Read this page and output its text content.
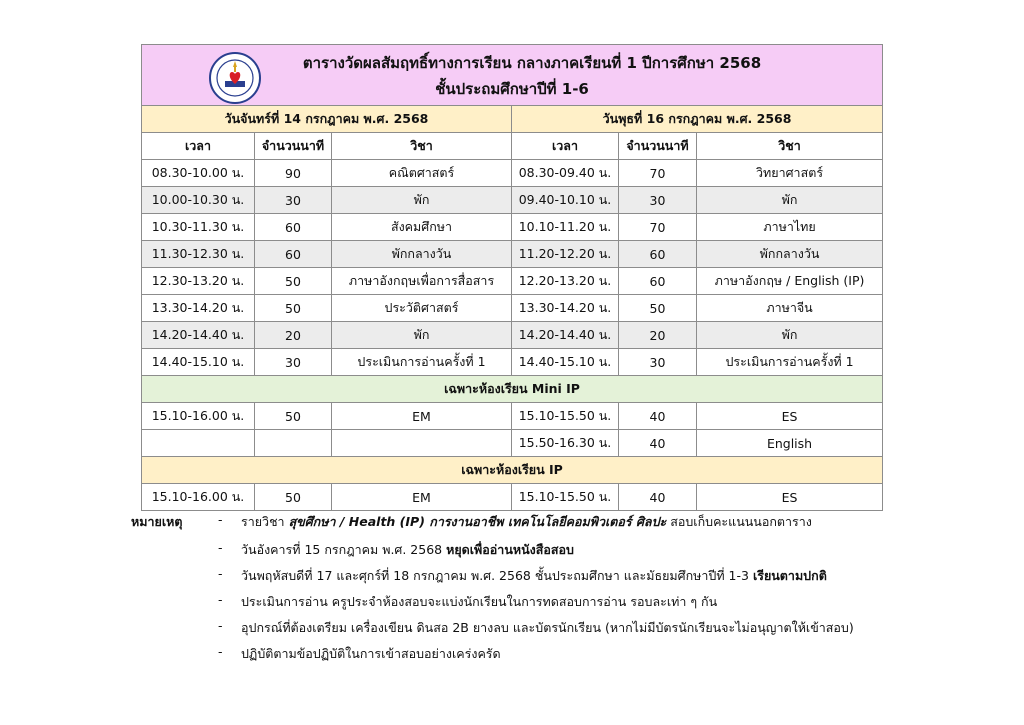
ตารางวัดผลสัมฤทธิ์ทางการเรียน กลางภาคเรียนที่ 1 ปีการศึกษา 2568
ชั้นประถมศึกษาปีที่ 1-6					

วันจันทร์ที่ 14 กรกฎาคม พ.ศ. 2568			วันพุธที่ 16 กรกฎาคม พ.ศ. 2568		
เวลา	จำนวนนาที	วิชา	เวลา	จำนวนนาที	วิชา
08.30-10.00 น.	90	คณิตศาสตร์	08.30-09.40 น.	70	วิทยาศาสตร์
10.00-10.30 น.	30	พัก	09.40-10.10 น.	30	พัก
10.30-11.30 น.	60	สังคมศึกษา	10.10-11.20 น.	70	ภาษาไทย
11.30-12.30 น.	60	พักกลางวัน	11.20-12.20 น.	60	พักกลางวัน
12.30-13.20 น.	50	ภาษาอังกฤษเพื่อการสื่อสาร	12.20-13.20 น.	60	ภาษาอังกฤษ / English (IP)
13.30-14.20 น.	50	ประวัติศาสตร์	13.30-14.20 น.	50	ภาษาจีน
14.20-14.40 น.	20	พัก	14.20-14.40 น.	20	พัก
14.40-15.10 น.	30	ประเมินการอ่านครั้งที่ 1	14.40-15.10 น.	30	ประเมินการอ่านครั้งที่ 1
เฉพาะห้องเรียน Mini IP					
15.10-16.00 น.	50	EM	15.10-15.50 น.	40	ES
			15.50-16.30 น.	40	English
เฉพาะห้องเรียน IP					
15.10-16.00 น.	50	EM	15.10-15.50 น.	40	ES
หมายเหตุ	- รายวิชา สุขศึกษา / Health (IP) การงานอาชีพ เทคโนโลยีคอมพิวเตอร์ ศิลปะ สอบเก็บคะแนนนอกตาราง
- วันอังคารที่ 15 กรกฎาคม พ.ศ. 2568 หยุดเพื่ออ่านหนังสือสอบ
- วันพฤหัสบดีที่ 17 และศุกร์ที่ 18 กรกฎาคม พ.ศ. 2568 ชั้นประถมศึกษา และมัธยมศึกษาปีที่ 1-3 เรียนตามปกติ
- ประเมินการอ่าน ครูประจำห้องสอบจะแบ่งนักเรียนในการทดสอบการอ่าน รอบละเท่า ๆ กัน
- อุปกรณ์ที่ต้องเตรียม เครื่องเขียน ดินสอ 2B ยางลบ และบัตรนักเรียน (หากไม่มีบัตรนักเรียนจะไม่อนุญาตให้เข้าสอบ)
- ปฏิบัติตามข้อปฏิบัติในการเข้าสอบอย่างเคร่งครัด
